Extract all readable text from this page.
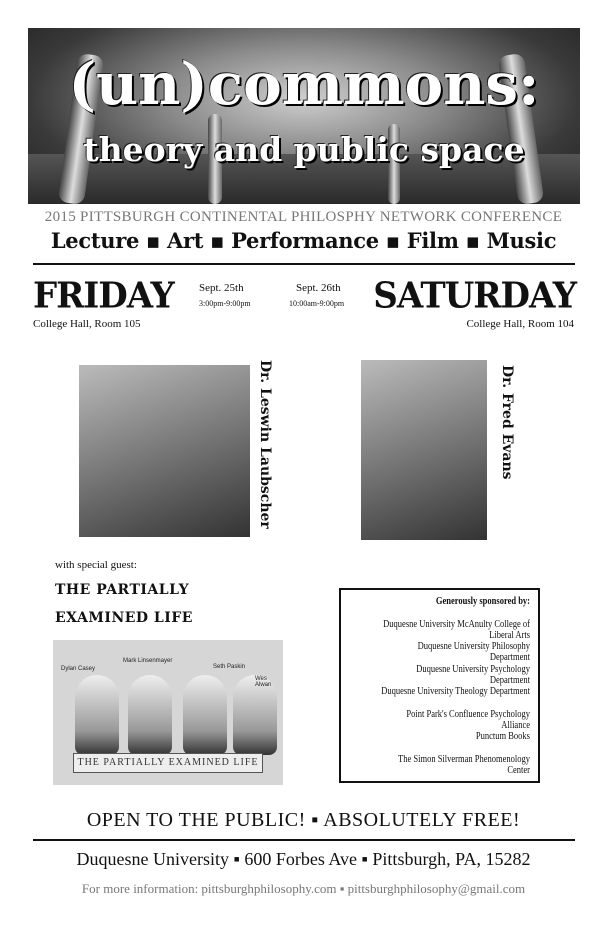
(un)commons:
theory and public space
2015 PITTSBURGH CONTINENTAL PHILOSPHY NETWORK CONFERENCE
Lecture ▪ Art ▪ Performance ▪ Film ▪ Music
FRIDAY Sept. 25th
3:00pm-9:00pm
Sept. 26th
10:00am-9:00pm SATURDAY
College Hall, Room 105	College Hall, Room 104
Dr. Leswin Laubscher	Dr. Fred Evans
with special guest:
THE PARTIALLY
EXAMINED LIFE
Dylan Casey
Mark Linsenmayer
Seth Paskin
Wes Alwan
THE PARTIALLY EXAMINED LIFE
Generously sponsored by:
Duquesne University McAnulty College of Liberal Arts
Duquesne University Philosophy Department
Duquesne University Psychology Department
Duquesne University Theology Department
Point Park's Confluence Psychology Alliance
Punctum Books
The Simon Silverman Phenomenology Center
OPEN TO THE PUBLIC! ▪ ABSOLUTELY FREE!
Duquesne University ▪ 600 Forbes Ave ▪ Pittsburgh, PA, 15282
For more information: pittsburghphilosophy.com ▪ pittsburghphilosophy@gmail.com
